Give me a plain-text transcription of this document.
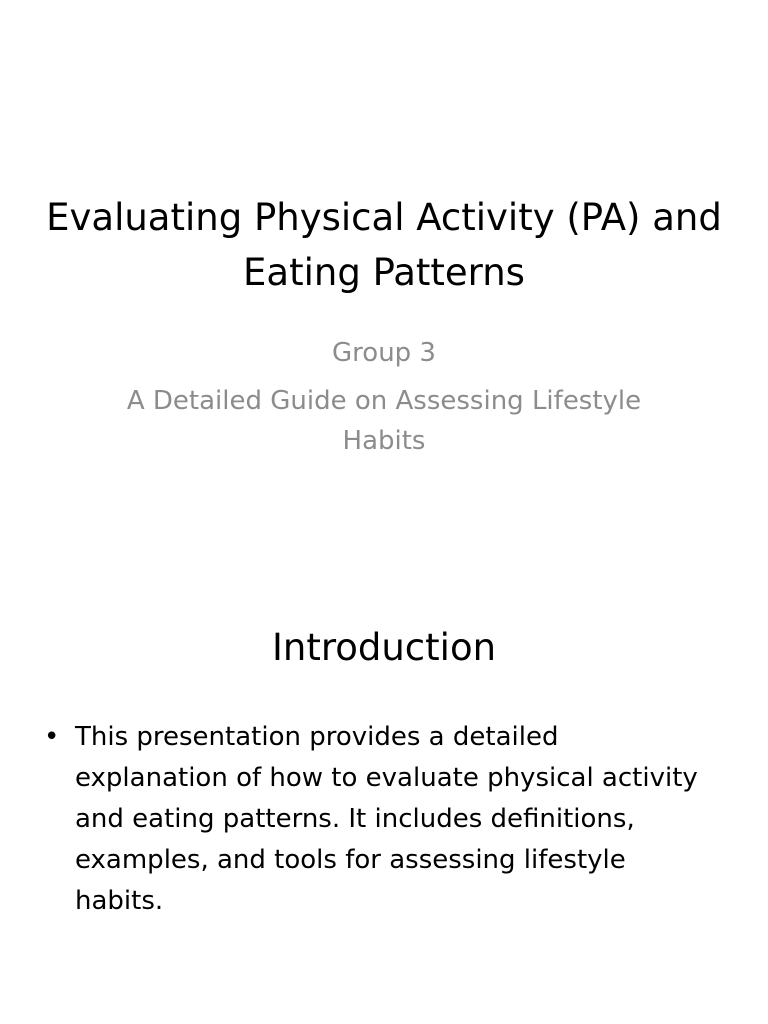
Evaluating Physical Activity (PA) and Eating Patterns
Group 3
A Detailed Guide on Assessing Lifestyle Habits
Introduction
• This presentation provides a detailed explanation of how to evaluate physical activity and eating patterns. It includes definitions, examples, and tools for assessing lifestyle habits.
